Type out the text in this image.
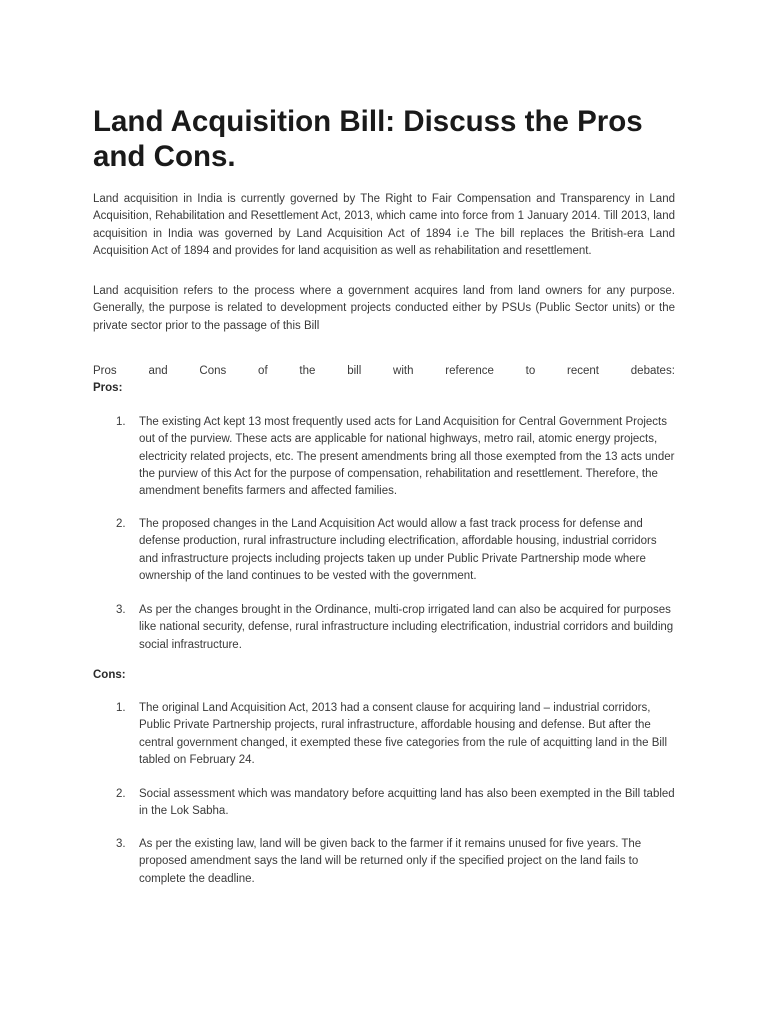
Land Acquisition Bill: Discuss the Pros and Cons.

Land acquisition in India is currently governed by The Right to Fair Compensation and Transparency in Land Acquisition, Rehabilitation and Resettlement Act, 2013, which came into force from 1 January 2014. Till 2013, land acquisition in India was governed by Land Acquisition Act of 1894 i.e The bill replaces the British-era Land Acquisition Act of 1894 and provides for land acquisition as well as rehabilitation and resettlement.

Land acquisition refers to the process where a government acquires land from land owners for any purpose. Generally, the purpose is related to development projects conducted either by PSUs (Public Sector units) or the private sector prior to the passage of this Bill

Pros	and	Cons	of	the	bill	with	reference	to	recent	debates:
Pros:
1.	The existing Act kept 13 most frequently used acts for Land Acquisition for Central Government Projects out of the purview. These acts are applicable for national highways, metro rail, atomic energy projects, electricity related projects, etc. The present amendments bring all those exempted from the 13 acts under the purview of this Act for the purpose of compensation, rehabilitation and resettlement. Therefore, the amendment benefits farmers and affected families.
2.	The proposed changes in the Land Acquisition Act would allow a fast track process for defense and defense production, rural infrastructure including electrification, affordable housing, industrial corridors and infrastructure projects including projects taken up under Public Private Partnership mode where ownership of the land continues to be vested with the government.
3.	As per the changes brought in the Ordinance, multi-crop irrigated land can also be acquired for purposes like national security, defense, rural infrastructure including electrification, industrial corridors and building social infrastructure.
Cons:
1.	The original Land Acquisition Act, 2013 had a consent clause for acquiring land – industrial corridors, Public Private Partnership projects, rural infrastructure, affordable housing and defense. But after the central government changed, it exempted these five categories from the rule of acquitting land in the Bill tabled on February 24.
2.	Social assessment which was mandatory before acquitting land has also been exempted in the Bill tabled in the Lok Sabha.
3.	As per the existing law, land will be given back to the farmer if it remains unused for five years. The proposed amendment says the land will be returned only if the specified project on the land fails to complete the deadline.
